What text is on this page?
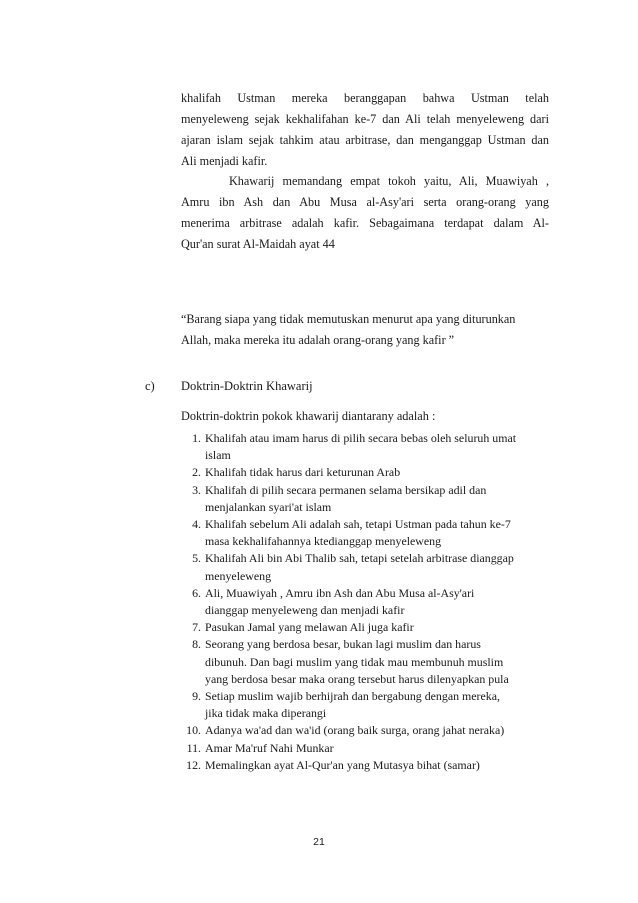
khalifah Ustman mereka beranggapan bahwa Ustman telah
menyeleweng sejak kekhalifahan ke-7 dan Ali telah menyeleweng dari
ajaran islam sejak tahkim atau arbitrase, dan menganggap Ustman dan
Ali menjadi kafir.
Khawarij memandang empat tokoh yaitu, Ali, Muawiyah ,
Amru ibn Ash dan Abu Musa al-Asy'ari serta orang-orang yang
menerima arbitrase adalah kafir. Sebagaimana terdapat dalam Al-
Qur'an surat Al-Maidah ayat 44
“Barang siapa yang tidak memutuskan menurut apa yang diturunkan
Allah, maka mereka itu adalah orang-orang yang kafir ”
c) Doktrin-Doktrin Khawarij
Doktrin-doktrin pokok khawarij diantarany adalah :
1. Khalifah atau imam harus di pilih secara bebas oleh seluruh umat
islam
2. Khalifah tidak harus dari keturunan Arab
3. Khalifah di pilih secara permanen selama bersikap adil dan
menjalankan syari'at islam
4. Khalifah sebelum Ali adalah sah, tetapi Ustman pada tahun ke-7
masa kekhalifahannya ktedianggap menyeleweng
5. Khalifah Ali bin Abi Thalib sah, tetapi setelah arbitrase dianggap
menyeleweng
6. Ali, Muawiyah , Amru ibn Ash dan Abu Musa al-Asy'ari
dianggap menyeleweng dan menjadi kafir
7. Pasukan Jamal yang melawan Ali juga kafir
8. Seorang yang berdosa besar, bukan lagi muslim dan harus
dibunuh. Dan bagi muslim yang tidak mau membunuh muslim
yang berdosa besar maka orang tersebut harus dilenyapkan pula
9. Setiap muslim wajib berhijrah dan bergabung dengan mereka,
jika tidak maka diperangi
10. Adanya wa'ad dan wa'id (orang baik surga, orang jahat neraka)
11. Amar Ma'ruf Nahi Munkar
12. Memalingkan ayat Al-Qur'an yang Mutasya bihat (samar)
21
